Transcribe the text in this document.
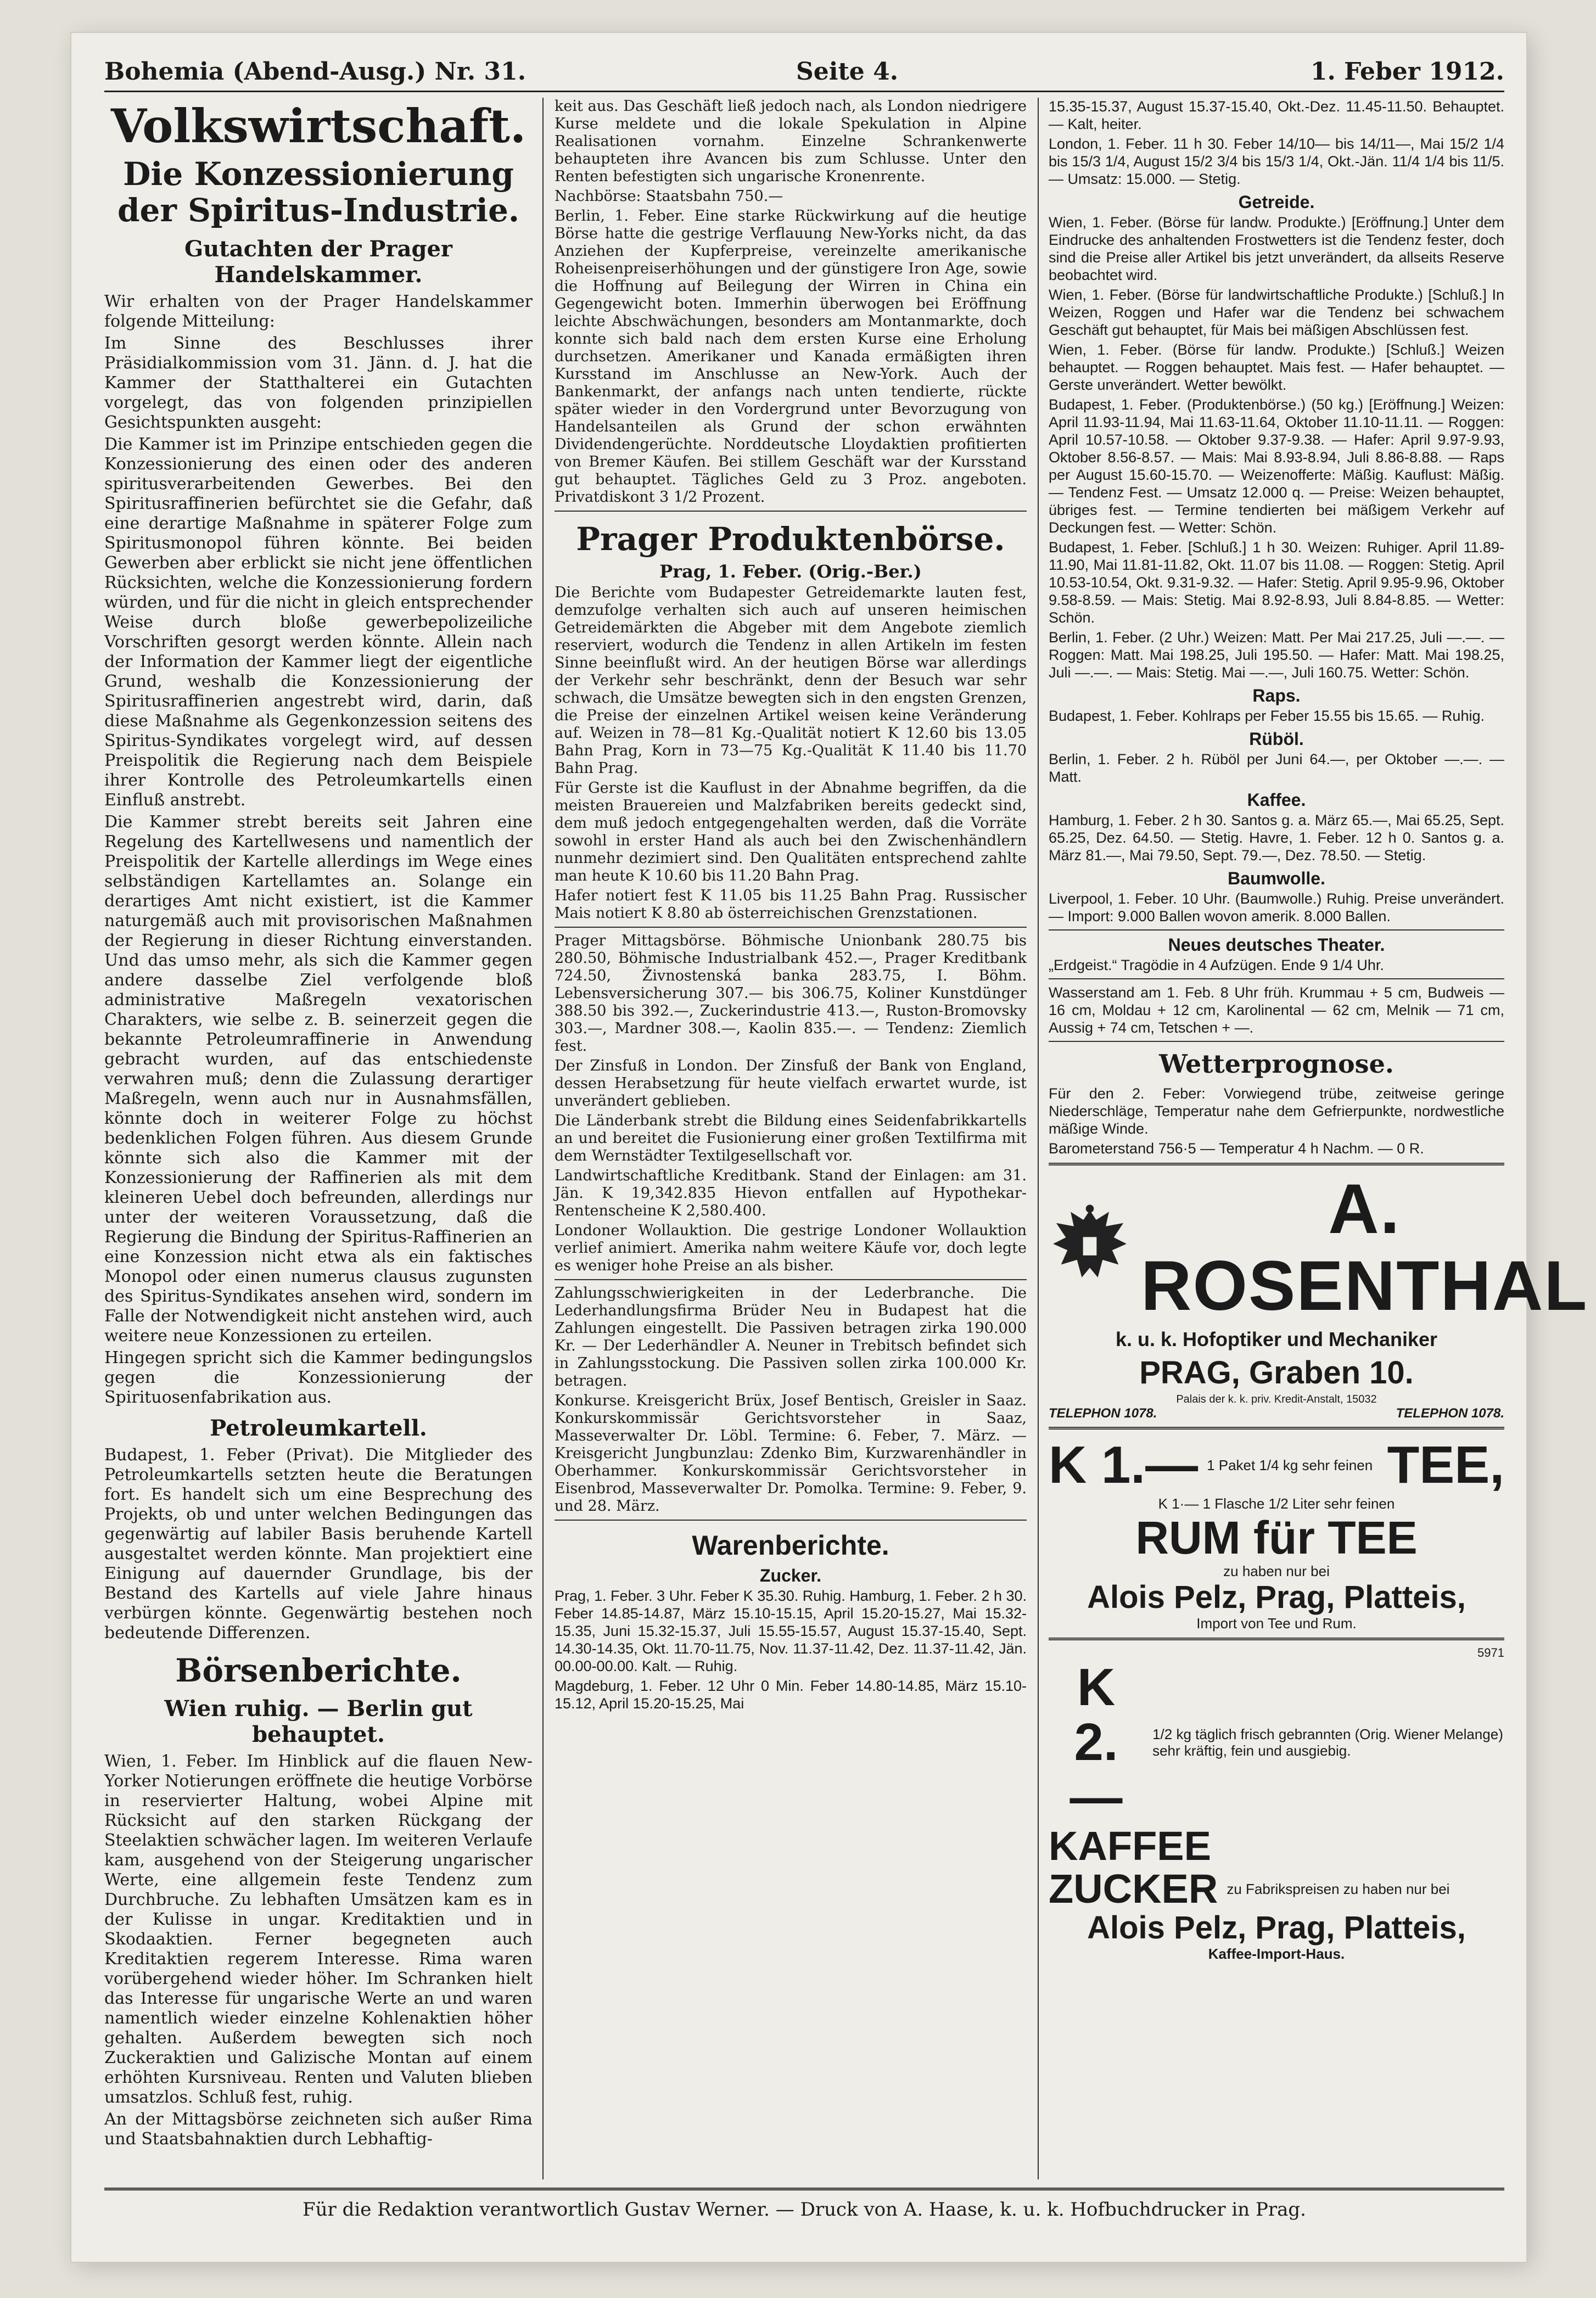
Bohemia (Abend-Ausg.) Nr. 31.	Seite 4.	1. Feber 1912.
Volkswirtschaft.
Die Konzessionierung der Spiritus-Industrie.
Gutachten der Prager Handelskammer.

Wir erhalten von der Prager Handelskammer folgende Mitteilung:

Im Sinne des Beschlusses ihrer Präsidialkommission vom 31. Jänn. d. J. hat die Kammer der Statthalterei ein Gutachten vorgelegt, das von folgenden prinzipiellen Gesichtspunkten ausgeht:

Die Kammer ist im Prinzipe entschieden gegen die Konzessionierung des einen oder des anderen spiritusverarbeitenden Gewerbes. Bei den Spiritusraffinerien befürchtet sie die Gefahr, daß eine derartige Maßnahme in späterer Folge zum Spiritusmonopol führen könnte. Bei beiden Gewerben aber erblickt sie nicht jene öffentlichen Rücksichten, welche die Konzessionierung fordern würden, und für die nicht in gleich entsprechender Weise durch bloße gewerbepolizeiliche Vorschriften gesorgt werden könnte. Allein nach der Information der Kammer liegt der eigentliche Grund, weshalb die Konzessionierung der Spiritusraffinerien angestrebt wird, darin, daß diese Maßnahme als Gegenkonzession seitens des Spiritus-Syndikates vorgelegt wird, auf dessen Preispolitik die Regierung nach dem Beispiele ihrer Kontrolle des Petroleumkartells einen Einfluß anstrebt.

Die Kammer strebt bereits seit Jahren eine Regelung des Kartellwesens und namentlich der Preispolitik der Kartelle allerdings im Wege eines selbständigen Kartellamtes an. Solange ein derartiges Amt nicht existiert, ist die Kammer naturgemäß auch mit provisorischen Maßnahmen der Regierung in dieser Richtung einverstanden. Und das umso mehr, als sich die Kammer gegen andere dasselbe Ziel verfolgende bloß administrative Maßregeln vexatorischen Charakters, wie selbe z. B. seinerzeit gegen die bekannte Petroleumraffinerie in Anwendung gebracht wurden, auf das entschiedenste verwahren muß; denn die Zulassung derartiger Maßregeln, wenn auch nur in Ausnahmsfällen, könnte doch in weiterer Folge zu höchst bedenklichen Folgen führen. Aus diesem Grunde könnte sich also die Kammer mit der Konzessionierung der Raffinerien als mit dem kleineren Uebel doch befreunden, allerdings nur unter der weiteren Voraussetzung, daß die Regierung die Bindung der Spiritus-Raffinerien an eine Konzession nicht etwa als ein faktisches Monopol oder einen numerus clausus zugunsten des Spiritus-Syndikates ansehen wird, sondern im Falle der Notwendigkeit nicht anstehen wird, auch weitere neue Konzessionen zu erteilen.

Hingegen spricht sich die Kammer bedingungslos gegen die Konzessionierung der Spirituosenfabrikation aus.

Petroleumkartell.

Budapest, 1. Feber (Privat). Die Mitglieder des Petroleumkartells setzten heute die Beratungen fort. Es handelt sich um eine Besprechung des Projekts, ob und unter welchen Bedingungen das gegenwärtig auf labiler Basis beruhende Kartell ausgestaltet werden könnte. Man projektiert eine Einigung auf dauernder Grundlage, bis der Bestand des Kartells auf viele Jahre hinaus verbürgen könnte. Gegenwärtig bestehen noch bedeutende Differenzen.

Börsenberichte.
Wien ruhig. — Berlin gut behauptet.

Wien, 1. Feber. Im Hinblick auf die flauen New-Yorker Notierungen eröffnete die heutige Vorbörse in reservierter Haltung, wobei Alpine mit Rücksicht auf den starken Rückgang der Steelaktien schwächer lagen. Im weiteren Verlaufe kam, ausgehend von der Steigerung ungarischer Werte, eine allgemein feste Tendenz zum Durchbruche. Zu lebhaften Umsätzen kam es in der Kulisse in ungar. Kreditaktien und in Skodaaktien. Ferner begegneten auch Kreditaktien regerem Interesse. Rima waren vorübergehend wieder höher. Im Schranken hielt das Interesse für ungarische Werte an und waren namentlich wieder einzelne Kohlenaktien höher gehalten. Außerdem bewegten sich noch Zuckeraktien und Galizische Montan auf einem erhöhten Kursniveau. Renten und Valuten blieben umsatzlos. Schluß fest, ruhig.

An der Mittagsbörse zeichneten sich außer Rima und Staatsbahnaktien durch Lebhaftig-

keit aus. Das Geschäft ließ jedoch nach, als London niedrigere Kurse meldete und die lokale Spekulation in Alpine Realisationen vornahm. Einzelne Schrankenwerte behaupteten ihre Avancen bis zum Schlusse. Unter den Renten befestigten sich ungarische Kronenrente.

Nachbörse: Staatsbahn 750.—

Berlin, 1. Feber. Eine starke Rückwirkung auf die heutige Börse hatte die gestrige Verflauung New-Yorks nicht, da das Anziehen der Kupferpreise, vereinzelte amerikanische Roheisenpreiserhöhungen und der günstigere Iron Age, sowie die Hoffnung auf Beilegung der Wirren in China ein Gegengewicht boten. Immerhin überwogen bei Eröffnung leichte Abschwächungen, besonders am Montanmarkte, doch konnte sich bald nach dem ersten Kurse eine Erholung durchsetzen. Amerikaner und Kanada ermäßigten ihren Kursstand im Anschlusse an New-York. Auch der Bankenmarkt, der anfangs nach unten tendierte, rückte später wieder in den Vordergrund unter Bevorzugung von Handelsanteilen als Grund der schon erwähnten Dividendengerüchte. Norddeutsche Lloydaktien profitierten von Bremer Käufen. Bei stillem Geschäft war der Kursstand gut behauptet. Tägliches Geld zu 3 Proz. angeboten. Privatdiskont 3 1/2 Prozent.

Prager Produktenbörse.
Prag, 1. Feber. (Orig.-Ber.)

Die Berichte vom Budapester Getreidemarkte lauten fest, demzufolge verhalten sich auch auf unseren heimischen Getreidemärkten die Abgeber mit dem Angebote ziemlich reserviert, wodurch die Tendenz in allen Artikeln im festen Sinne beeinflußt wird. An der heutigen Börse war allerdings der Verkehr sehr beschränkt, denn der Besuch war sehr schwach, die Umsätze bewegten sich in den engsten Grenzen, die Preise der einzelnen Artikel weisen keine Veränderung auf. Weizen in 78—81 Kg.-Qualität notiert K 12.60 bis 13.05 Bahn Prag, Korn in 73—75 Kg.-Qualität K 11.40 bis 11.70 Bahn Prag.

Für Gerste ist die Kauflust in der Abnahme begriffen, da die meisten Brauereien und Malzfabriken bereits gedeckt sind, dem muß jedoch entgegengehalten werden, daß die Vorräte sowohl in erster Hand als auch bei den Zwischenhändlern nunmehr dezimiert sind. Den Qualitäten entsprechend zahlte man heute K 10.60 bis 11.20 Bahn Prag.

Hafer notiert fest K 11.05 bis 11.25 Bahn Prag. Russischer Mais notiert K 8.80 ab österreichischen Grenzstationen.

Prager Mittagsbörse. Böhmische Unionbank 280.75 bis 280.50, Böhmische Industrialbank 452.—, Prager Kreditbank 724.50, Živnostenská banka 283.75, I. Böhm. Lebensversicherung 307.— bis 306.75, Koliner Kunstdünger 388.50 bis 392.—, Zuckerindustrie 413.—, Ruston-Bromovsky 303.—, Mardner 308.—, Kaolin 835.—. — Tendenz: Ziemlich fest.

Der Zinsfuß in London. Der Zinsfuß der Bank von England, dessen Herabsetzung für heute vielfach erwartet wurde, ist unverändert geblieben.

Die Länderbank strebt die Bildung eines Seidenfabrikkartells an und bereitet die Fusionierung einer großen Textilfirma mit dem Wernstädter Textilgesellschaft vor.

Landwirtschaftliche Kreditbank. Stand der Einlagen: am 31. Jän. K 19,342.835 Hievon entfallen auf Hypothekar-Rentenscheine K 2,580.400.

Londoner Wollauktion. Die gestrige Londoner Wollauktion verlief animiert. Amerika nahm weitere Käufe vor, doch legte es weniger hohe Preise an als bisher.

Zahlungsschwierigkeiten in der Lederbranche. Die Lederhandlungsfirma Brüder Neu in Budapest hat die Zahlungen eingestellt. Die Passiven betragen zirka 190.000 Kr. — Der Lederhändler A. Neuner in Trebitsch befindet sich in Zahlungsstockung. Die Passiven sollen zirka 100.000 Kr. betragen.

Konkurse. Kreisgericht Brüx, Josef Bentisch, Greisler in Saaz. Konkurskommissär Gerichtsvorsteher in Saaz, Masseverwalter Dr. Löbl. Termine: 6. Feber, 7. März. — Kreisgericht Jungbunzlau: Zdenko Bim, Kurzwarenhändler in Oberhammer. Konkurskommissär Gerichtsvorsteher in Eisenbrod, Masseverwalter Dr. Pomolka. Termine: 9. Feber, 9. und 28. März.

Warenberichte.
Zucker.

Prag, 1. Feber. 3 Uhr. Feber K 35.30. Ruhig. Hamburg, 1. Feber. 2 h 30. Feber 14.85-14.87, März 15.10-15.15, April 15.20-15.27, Mai 15.32-15.35, Juni 15.32-15.37, Juli 15.55-15.57, August 15.37-15.40, Sept. 14.30-14.35, Okt. 11.70-11.75, Nov. 11.37-11.42, Dez. 11.37-11.42, Jän. 00.00-00.00. Kalt. — Ruhig.

Magdeburg, 1. Feber. 12 Uhr 0 Min. Feber 14.80-14.85, März 15.10-15.12, April 15.20-15.25, Mai

15.35-15.37, August 15.37-15.40, Okt.-Dez. 11.45-11.50. Behauptet. — Kalt, heiter.

London, 1. Feber. 11 h 30. Feber 14/10— bis 14/11—, Mai 15/2 1/4 bis 15/3 1/4, August 15/2 3/4 bis 15/3 1/4, Okt.-Jän. 11/4 1/4 bis 11/5. — Umsatz: 15.000. — Stetig.

Getreide.

Wien, 1. Feber. (Börse für landw. Produkte.) [Eröffnung.] Unter dem Eindrucke des anhaltenden Frostwetters ist die Tendenz fester, doch sind die Preise aller Artikel bis jetzt unverändert, da allseits Reserve beobachtet wird.

Wien, 1. Feber. (Börse für landwirtschaftliche Produkte.) [Schluß.] In Weizen, Roggen und Hafer war die Tendenz bei schwachem Geschäft gut behauptet, für Mais bei mäßigen Abschlüssen fest.

Wien, 1. Feber. (Börse für landw. Produkte.) [Schluß.] Weizen behauptet. — Roggen behauptet. Mais fest. — Hafer behauptet. — Gerste unverändert. Wetter bewölkt.

Budapest, 1. Feber. (Produktenbörse.) (50 kg.) [Eröffnung.] Weizen: April 11.93-11.94, Mai 11.63-11.64, Oktober 11.10-11.11. — Roggen: April 10.57-10.58. — Oktober 9.37-9.38. — Hafer: April 9.97-9.93, Oktober 8.56-8.57. — Mais: Mai 8.93-8.94, Juli 8.86-8.88. — Raps per August 15.60-15.70. — Weizenofferte: Mäßig. Kauflust: Mäßig. — Tendenz Fest. — Umsatz 12.000 q. — Preise: Weizen behauptet, übriges fest. — Termine tendierten bei mäßigem Verkehr auf Deckungen fest. — Wetter: Schön.

Budapest, 1. Feber. [Schluß.] 1 h 30. Weizen: Ruhiger. April 11.89-11.90, Mai 11.81-11.82, Okt. 11.07 bis 11.08. — Roggen: Stetig. April 10.53-10.54, Okt. 9.31-9.32. — Hafer: Stetig. April 9.95-9.96, Oktober 9.58-8.59. — Mais: Stetig. Mai 8.92-8.93, Juli 8.84-8.85. — Wetter: Schön.

Berlin, 1. Feber. (2 Uhr.) Weizen: Matt. Per Mai 217.25, Juli —.—. — Roggen: Matt. Mai 198.25, Juli 195.50. — Hafer: Matt. Mai 198.25, Juli —.—. — Mais: Stetig. Mai —.—, Juli 160.75. Wetter: Schön.

Raps.

Budapest, 1. Feber. Kohlraps per Feber 15.55 bis 15.65. — Ruhig.

Rüböl.

Berlin, 1. Feber. 2 h. Rüböl per Juni 64.—, per Oktober —.—. — Matt.

Kaffee.

Hamburg, 1. Feber. 2 h 30. Santos g. a. März 65.—, Mai 65.25, Sept. 65.25, Dez. 64.50. — Stetig. Havre, 1. Feber. 12 h 0. Santos g. a. März 81.—, Mai 79.50, Sept. 79.—, Dez. 78.50. — Stetig.

Baumwolle.

Liverpool, 1. Feber. 10 Uhr. (Baumwolle.) Ruhig. Preise unverändert. — Import: 9.000 Ballen wovon amerik. 8.000 Ballen.

Neues deutsches Theater.

„Erdgeist.“ Tragödie in 4 Aufzügen. Ende 9 1/4 Uhr.

Wasserstand am 1. Feb. 8 Uhr früh. Krummau + 5 cm, Budweis — 16 cm, Moldau + 12 cm, Karolinental — 62 cm, Melnik — 71 cm, Aussig + 74 cm, Tetschen + —.

Wetterprognose.

Für den 2. Feber: Vorwiegend trübe, zeitweise geringe Niederschläge, Temperatur nahe dem Gefrierpunkte, nordwestliche mäßige Winde.

Barometerstand 756·5 — Temperatur 4 h Nachm. — 0 R.

A. ROSENTHAL
k. u. k. Hofoptiker und Mechaniker
PRAG, Graben 10.
Palais der k. k. priv. Kredit-Anstalt, 15032
TELEPHON 1078.	TELEPHON 1078.
K 1.— 1 Paket 1/4 kg sehr feinen TEE,
K 1·— 1 Flasche 1/2 Liter sehr feinen
RUM für TEE
zu haben nur bei
Alois Pelz, Prag, Platteis,
Import von Tee und Rum.
5971
K 2.—
1/2 kg täglich frisch gebrannten (Orig. Wiener Melange) sehr kräftig, fein und ausgiebig.
KAFFEE
ZUCKER zu Fabrikspreisen zu haben nur bei
Alois Pelz, Prag, Platteis,
Kaffee-Import-Haus.
Für die Redaktion verantwortlich Gustav Werner. — Druck von A. Haase, k. u. k. Hofbuchdrucker in Prag.
